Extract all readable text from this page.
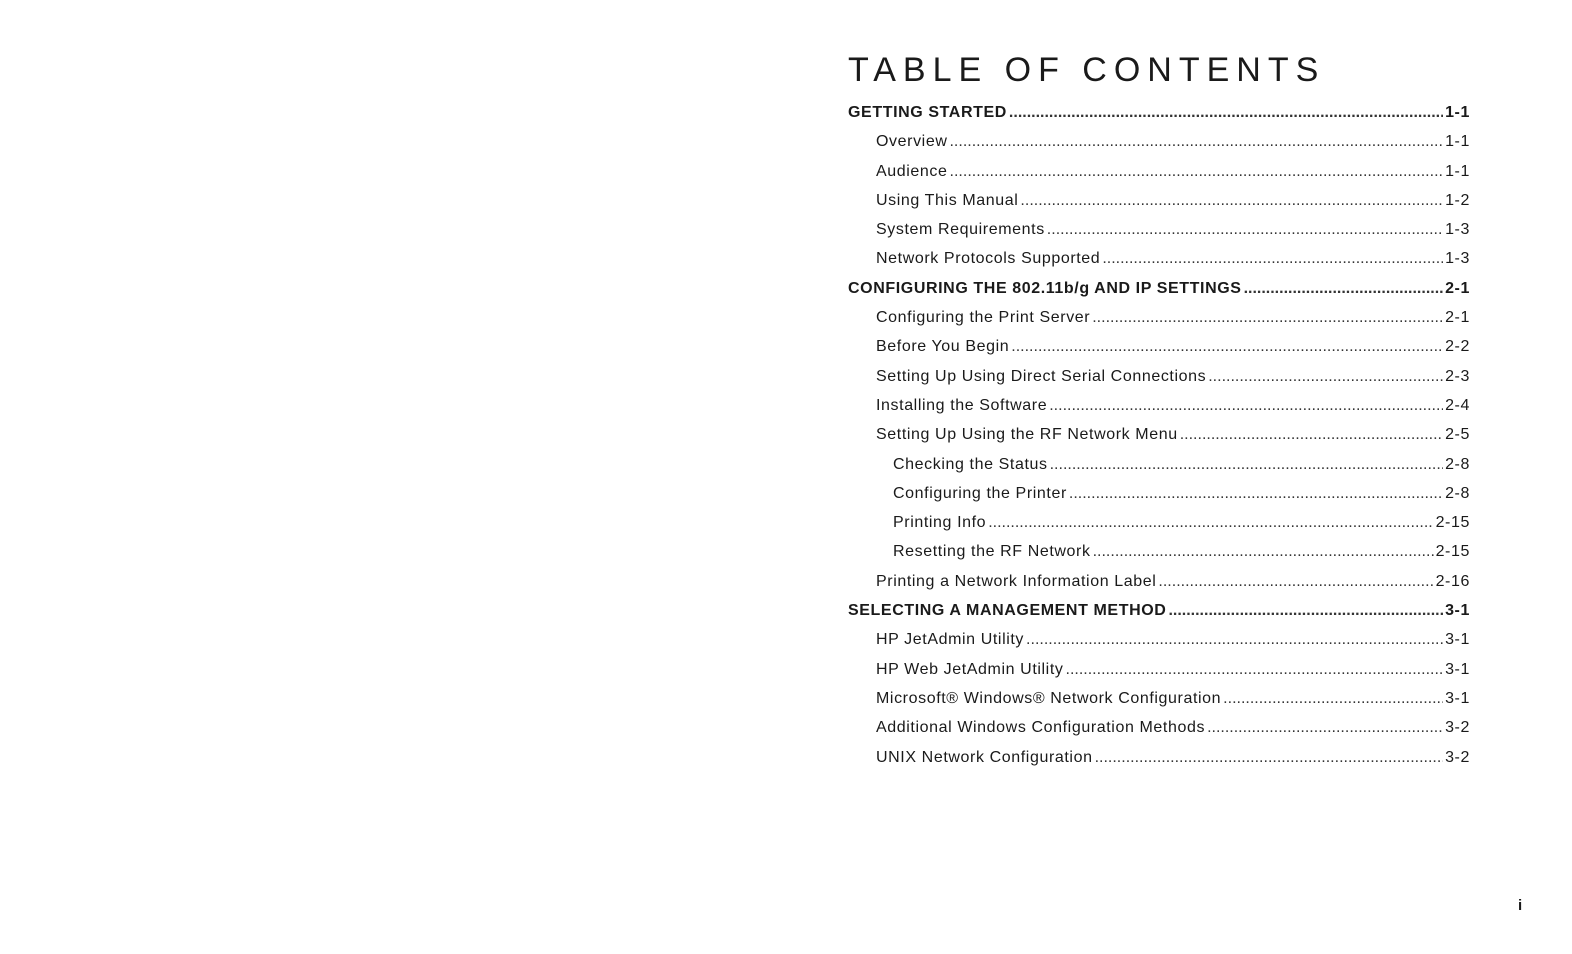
TABLE OF CONTENTS
GETTING STARTED .....	1-1
Overview .....	1-1
Audience .....	1-1
Using This Manual .....	1-2
System Requirements .....	1-3
Network Protocols Supported .....	1-3
CONFIGURING THE 802.11b/g AND IP SETTINGS .....	2-1
Configuring the Print Server .....	2-1
Before You Begin .....	2-2
Setting Up Using Direct Serial Connections .....	2-3
Installing the Software .....	2-4
Setting Up Using the RF Network Menu .....	2-5
Checking the Status .....	2-8
Configuring the Printer .....	2-8
Printing Info .....	2-15
Resetting the RF Network .....	2-15
Printing a Network Information Label .....	2-16
SELECTING A MANAGEMENT METHOD .....	3-1
HP JetAdmin Utility .....	3-1
HP Web JetAdmin Utility .....	3-1
Microsoft® Windows® Network Configuration .....	3-1
Additional Windows Configuration Methods .....	3-2
UNIX Network Configuration .....	3-2
i
